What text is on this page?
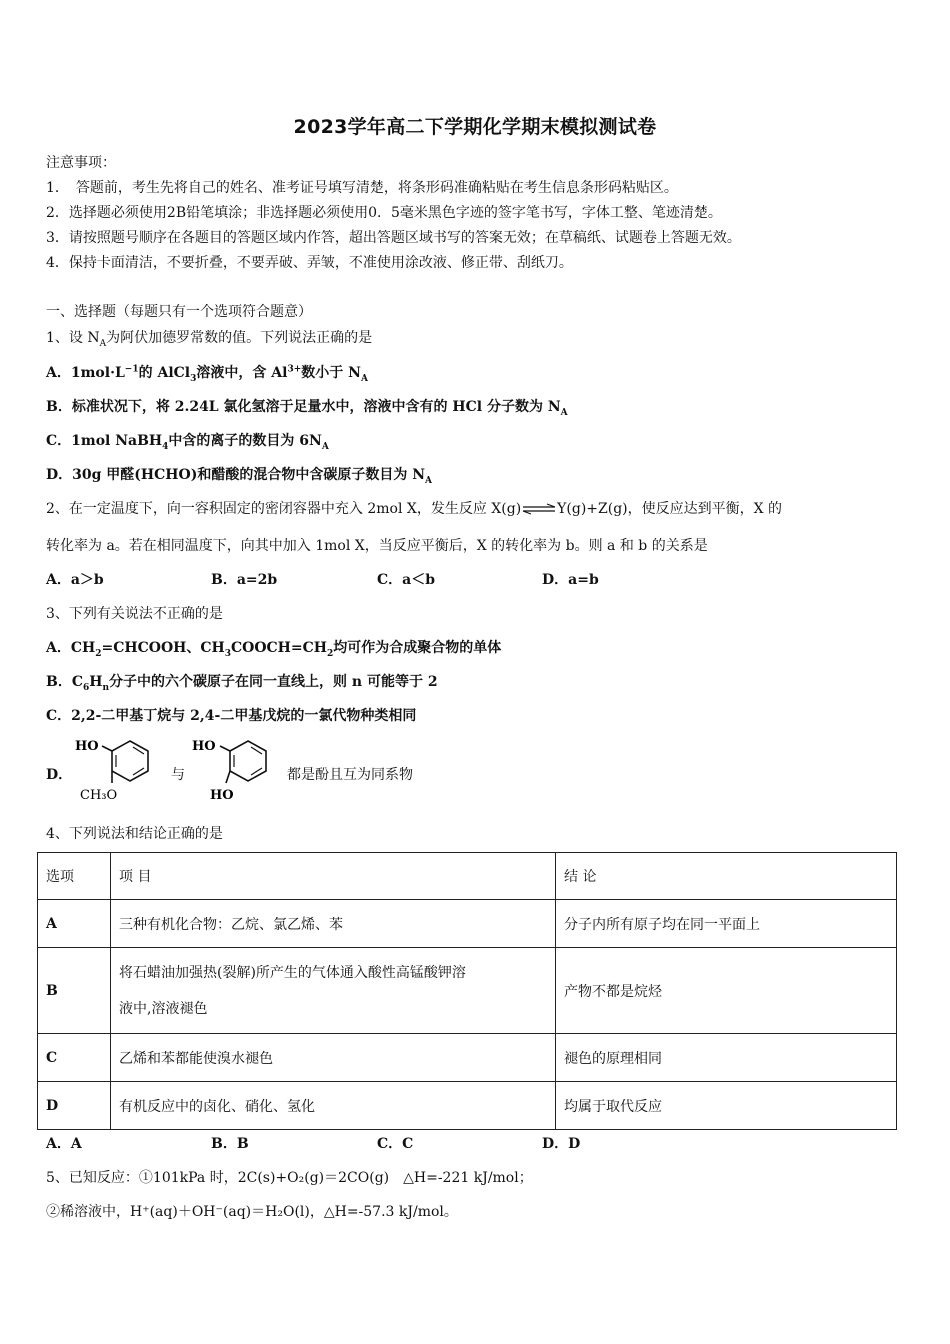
2023学年高二下学期化学期末模拟测试卷
注意事项：
1．　答题前，考生先将自己的姓名、准考证号填写清楚，将条形码准确粘贴在考生信息条形码粘贴区。
2．选择题必须使用2B铅笔填涂；非选择题必须使用0．5毫米黑色字迹的签字笔书写，字体工整、笔迹清楚。
3．请按照题号顺序在各题目的答题区域内作答，超出答题区域书写的答案无效；在草稿纸、试题卷上答题无效。
4．保持卡面清洁，不要折叠，不要弄破、弄皱，不准使用涂改液、修正带、刮纸刀。
一、选择题（每题只有一个选项符合题意）
1、设 $N_A$为阿伏加德罗常数的值。下列说法正确的是
A．$1mol\cdot L^{-1}$的 AlCl$_3$溶液中，含 $Al^{3+}$数小于 $N_A$
B．标准状况下，将 2.24L 氯化氢溶于足量水中，溶液中含有的 HCl 分子数为 $N_A$
C．1mol NaBH$_4$中含的离子的数目为 $6N_A$
D．30g 甲醛(HCHO)和醋酸的混合物中含碳原子数目为 $N_A$
2、在一定温度下，向一容积固定的密闭容器中充入 2mol X，发生反应 X(g)⇌Y(g)+Z(g)，使反应达到平衡，X 的
转化率为 a。若在相同温度下，向其中加入 1mol X，当反应平衡后，X 的转化率为 b。则 a 和 b 的关系是
A．a＞b	B．a=2b	C．a＜b	D．a=b
3、下列有关说法不正确的是
A．$CH_2=CHCOOH$、$CH_3COOCH=CH_2$均可作为合成聚合物的单体
B．$C_6H_n$分子中的六个碳原子在同一直线上，则 n 可能等于 2
C．2,2-二甲基丁烷与 2,4-二甲基戊烷的一氯代物种类相同
D．
HO
CH₃O
与
HO
HO
都是酚且互为同系物
4、下列说法和结论正确的是
选项	项 目	结 论
A	三种有机化合物：乙烷、氯乙烯、苯	分子内所有原子均在同一平面上
B	将石蜡油加强热(裂解)所产生的气体通入酸性高锰酸钾溶
液中,溶液褪色	产物不都是烷烃
C	乙烯和苯都能使溴水褪色	褪色的原理相同
D	有机反应中的卤化、硝化、氢化	均属于取代反应
A．A	B．B	C．C	D．D
5、已知反应：①101kPa 时，2C(s)+O₂(g)＝2CO(g)　△H=-221 kJ/mol；
②稀溶液中，H⁺(aq)＋OH⁻(aq)＝H₂O(l)，△H=-57.3 kJ/mol。
